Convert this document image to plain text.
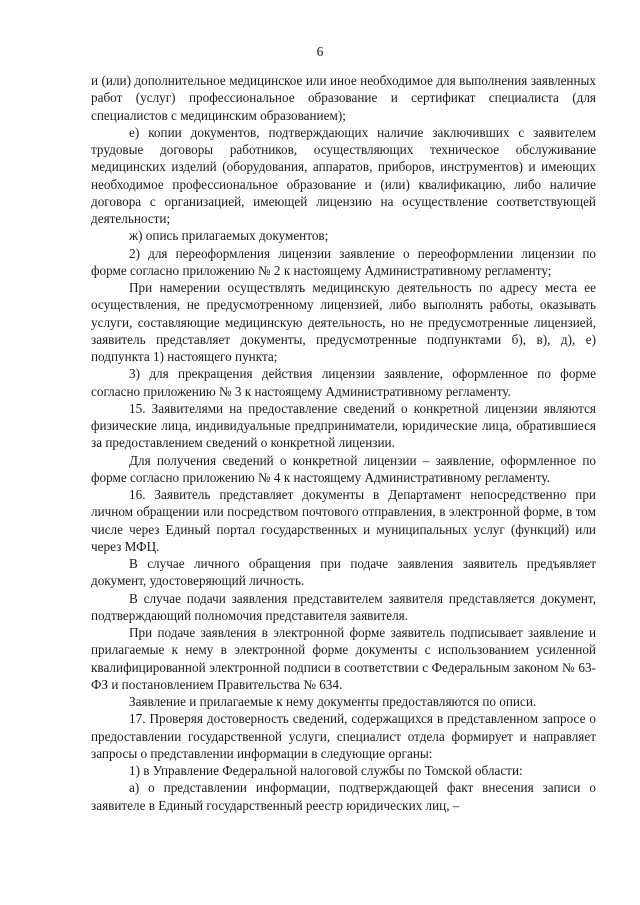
6

и (или) дополнительное медицинское или иное необходимое для выполнения заявленных работ (услуг) профессиональное образование и сертификат специалиста (для специалистов с медицинским образованием);

е) копии документов, подтверждающих наличие заключивших с заявителем трудовые договоры работников, осуществляющих техническое обслуживание медицинских изделий (оборудования, аппаратов, приборов, инструментов) и имеющих необходимое профессиональное образование и (или) квалификацию, либо наличие договора с организацией, имеющей лицензию на осуществление соответствующей деятельности;

ж) опись прилагаемых документов;

2) для переоформления лицензии заявление о переоформлении лицензии по форме согласно приложению № 2 к настоящему Административному регламенту;

При намерении осуществлять медицинскую деятельность по адресу места ее осуществления, не предусмотренному лицензией, либо выполнять работы, оказывать услуги, составляющие медицинскую деятельность, но не предусмотренные лицензией, заявитель представляет документы, предусмотренные подпунктами б), в), д), е) подпункта 1) настоящего пункта;

3) для прекращения действия лицензии заявление, оформленное по форме согласно приложению № 3 к настоящему Административному регламенту.

15. Заявителями на предоставление сведений о конкретной лицензии являются физические лица, индивидуальные предприниматели, юридические лица, обратившиеся за предоставлением сведений о конкретной лицензии.

Для получения сведений о конкретной лицензии – заявление, оформленное по форме согласно приложению № 4 к настоящему Административному регламенту.

16. Заявитель представляет документы в Департамент непосредственно при личном обращении или посредством почтового отправления, в электронной форме, в том числе через Единый портал государственных и муниципальных услуг (функций) или через МФЦ.

В случае личного обращения при подаче заявления заявитель предъявляет документ, удостоверяющий личность.

В случае подачи заявления представителем заявителя представляется документ, подтверждающий полномочия представителя заявителя.

При подаче заявления в электронной форме заявитель подписывает заявление и прилагаемые к нему в электронной форме документы с использованием усиленной квалифицированной электронной подписи в соответствии с Федеральным законом № 63-ФЗ и постановлением Правительства № 634.

Заявление и прилагаемые к нему документы предоставляются по описи.

17. Проверяя достоверность сведений, содержащихся в представленном запросе о предоставлении государственной услуги, специалист отдела формирует и направляет запросы о представлении информации в следующие органы:

1) в Управление Федеральной налоговой службы по Томской области:

а) о представлении информации, подтверждающей факт внесения записи о заявителе в Единый государственный реестр юридических лиц, –
